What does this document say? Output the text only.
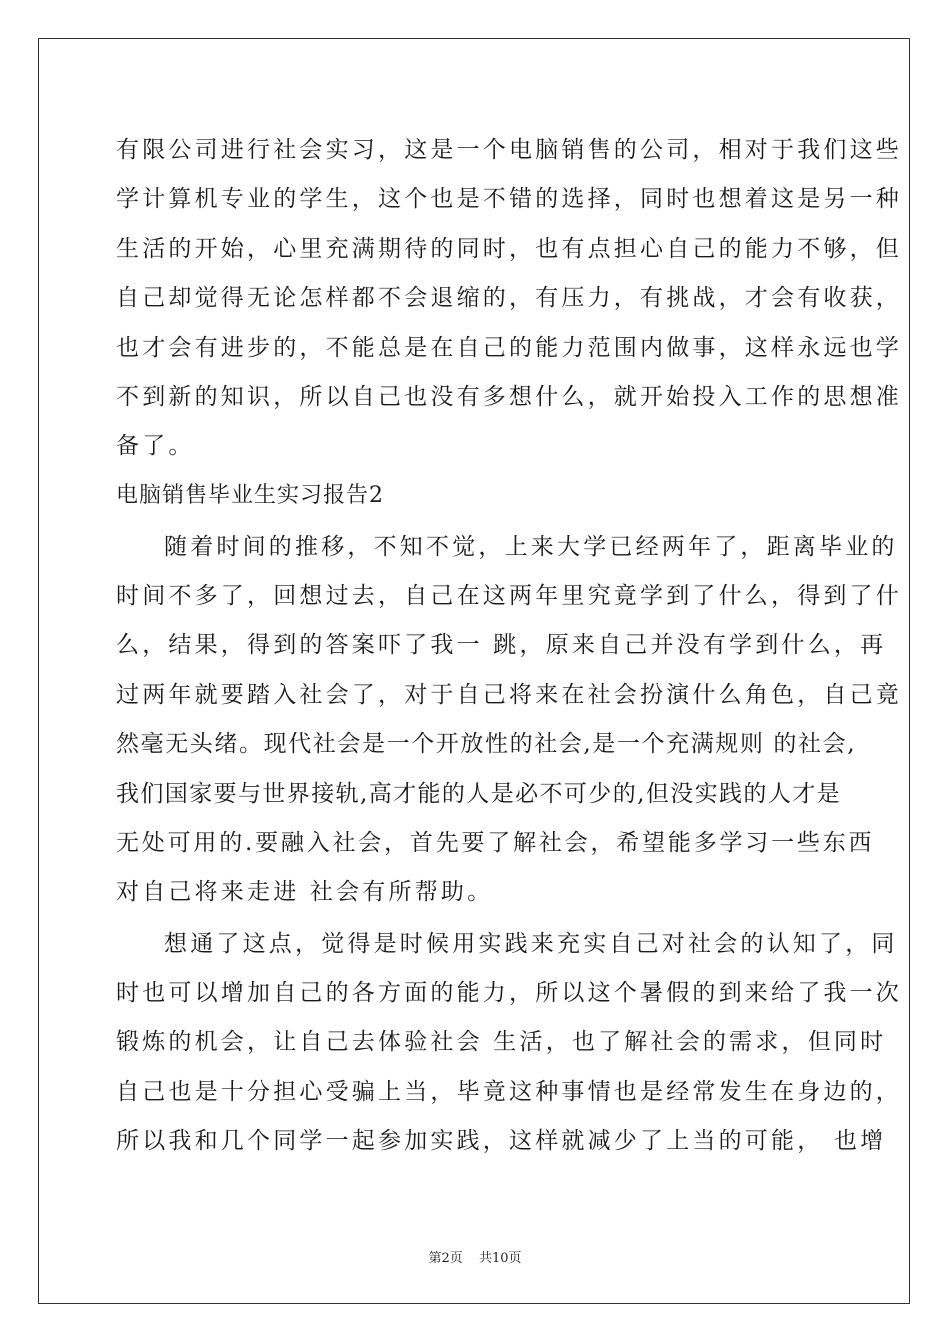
有限公司进行社会实习，这是一个电脑销售的公司，相对于我们这些
学计算机专业的学生，这个也是不错的选择，同时也想着这是另一种
生活的开始，心里充满期待的同时，也有点担心自己的能力不够，但
自己却觉得无论怎样都不会退缩的，有压力，有挑战，才会有收获，
也才会有进步的，不能总是在自己的能力范围内做事，这样永远也学
不到新的知识，所以自己也没有多想什么，就开始投入工作的思想准
备了。
电脑销售毕业生实习报告2
随着时间的推移，不知不觉，上来大学已经两年了，距离毕业的
时间不多了，回想过去，自己在这两年里究竟学到了什么，得到了什
么，结果，得到的答案吓了我一 跳，原来自己并没有学到什么，再
过两年就要踏入社会了，对于自己将来在社会扮演什么角色，自己竟
然毫无头绪。现代社会是一个开放性的社会,是一个充满规则 的社会,
我们国家要与世界接轨,高才能的人是必不可少的,但没实践的人才是
无处可用的.要融入社会，首先要了解社会，希望能多学习一些东西
对自己将来走进 社会有所帮助。
想通了这点，觉得是时候用实践来充实自己对社会的认知了，同
时也可以增加自己的各方面的能力，所以这个暑假的到来给了我一次
锻炼的机会，让自己去体验社会 生活，也了解社会的需求，但同时
自己也是十分担心受骗上当，毕竟这种事情也是经常发生在身边的，
所以我和几个同学一起参加实践，这样就减少了上当的可能， 也增
第2页 共10页
